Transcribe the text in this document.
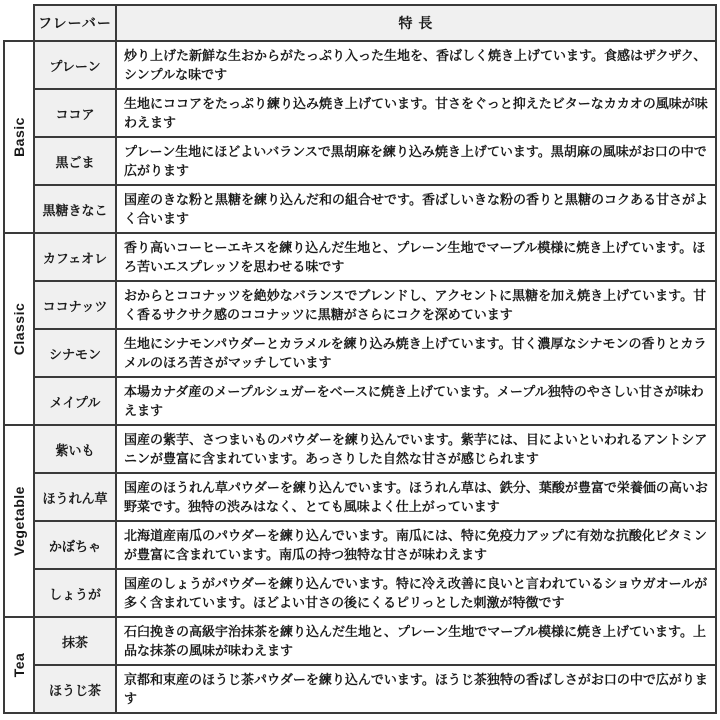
	フレーバー	特 長

Basic	プレーン	炒り上げた新鮮な生おからがたっぷり入った生地を、香ばしく焼き上げています。食感はザクザク、シンプルな味です
	ココア	生地にココアをたっぷり練り込み焼き上げています。甘さをぐっと抑えたビターなカカオの風味が味わえます
	黒ごま	プレーン生地にほどよいバランスで黒胡麻を練り込み焼き上げています。黒胡麻の風味がお口の中で広がります
	黒糖きなこ	国産のきな粉と黒糖を練り込んだ和の組合せです。香ばしいきな粉の香りと黒糖のコクある甘さがよく合います

Classic	カフェオレ	香り高いコーヒーエキスを練り込んだ生地と、プレーン生地でマーブル模様に焼き上げています。ほろ苦いエスプレッソを思わせる味です
	ココナッツ	おからとココナッツを絶妙なバランスでブレンドし、アクセントに黒糖を加え焼き上げています。甘く香るサクサク感のココナッツに黒糖がさらにコクを深めています
	シナモン	生地にシナモンパウダーとカラメルを練り込み焼き上げています。甘く濃厚なシナモンの香りとカラメルのほろ苦さがマッチしています
	メイプル	本場カナダ産のメープルシュガーをベースに焼き上げています。メープル独特のやさしい甘さが味わえます

Vegetable	紫いも	国産の紫芋、さつまいものパウダーを練り込んでいます。紫芋には、目によいといわれるアントシアニンが豊富に含まれています。あっさりした自然な甘さが感じられます
	ほうれん草	国産のほうれん草パウダーを練り込んでいます。ほうれん草は、鉄分、葉酸が豊富で栄養価の高いお野菜です。独特の渋みはなく、とても風味よく仕上がっています
	かぼちゃ	北海道産南瓜のパウダーを練り込んでいます。南瓜には、特に免疫力アップに有効な抗酸化ビタミンが豊富に含まれています。南瓜の持つ独特な甘さが味わえます
	しょうが	国産のしょうがパウダーを練り込んでいます。特に冷え改善に良いと言われているショウガオールが多く含まれています。ほどよい甘さの後にくるピリっとした刺激が特徴です

Tea	抹茶	石臼挽きの高級宇治抹茶を練り込んだ生地と、プレーン生地でマーブル模様に焼き上げています。上品な抹茶の風味が味わえます
	ほうじ茶	京都和束産のほうじ茶パウダーを練り込んでいます。ほうじ茶独特の香ばしさがお口の中で広がります
